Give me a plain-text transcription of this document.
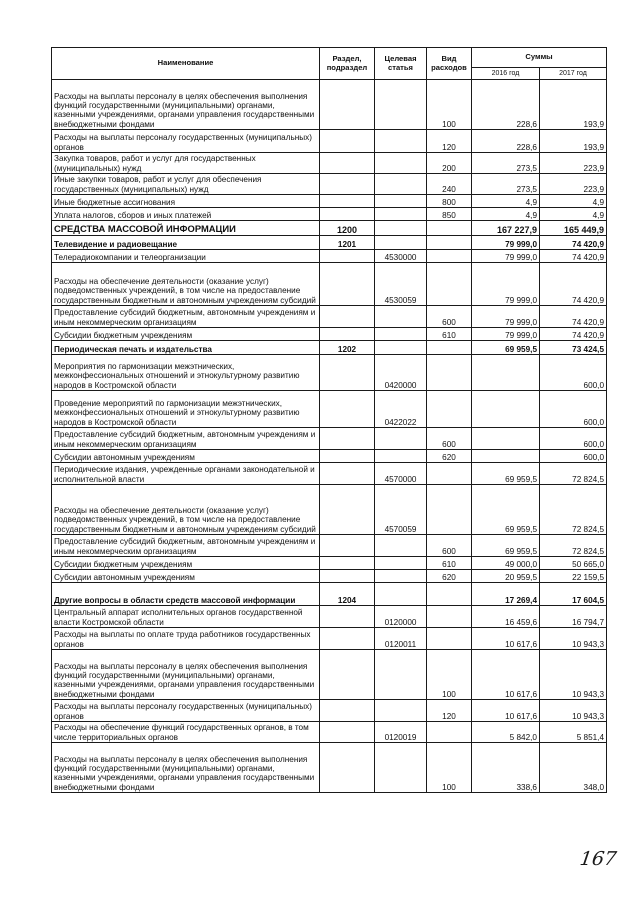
Наименование	Раздел, подраздел	Целевая статья	Вид расходов	Суммы	
				2016 год	2017 год
Расходы на выплаты персоналу в целях обеспечения выполнения функций государственными (муниципальными) органами, казенными учреждениями, органами управления государственными внебюджетными фондами			100	228,6	193,9
Расходы на выплаты персоналу государственных (муниципальных) органов			120	228,6	193,9
Закупка товаров, работ и услуг для государственных (муниципальных) нужд			200	273,5	223,9
Иные закупки товаров, работ и услуг для обеспечения государственных (муниципальных) нужд			240	273,5	223,9
Иные бюджетные ассигнования			800	4,9	4,9
Уплата налогов, сборов и иных платежей			850	4,9	4,9
СРЕДСТВА МАССОВОЙ ИНФОРМАЦИИ	1200			167 227,9	165 449,9
Телевидение и радиовещание	1201			79 999,0	74 420,9
Телерадиокомпании и телеорганизации		4530000		79 999,0	74 420,9
Расходы на обеспечение деятельности (оказание услуг) подведомственных учреждений, в том числе на предоставление государственным бюджетным и автономным учреждениям субсидий		4530059		79 999,0	74 420,9
Предоставление субсидий бюджетным, автономным учреждениям и иным некоммерческим организациям			600	79 999,0	74 420,9
Субсидии бюджетным учреждениям			610	79 999,0	74 420,9
Периодическая печать и издательства	1202			69 959,5	73 424,5
Мероприятия по гармонизации межэтнических, межконфессиональных отношений и этнокультурному развитию народов в Костромской области		0420000			600,0
Проведение мероприятий по гармонизации межэтнических, межконфессиональных отношений и этнокультурному развитию народов в Костромской области		0422022			600,0
Предоставление субсидий бюджетным, автономным учреждениям и иным некоммерческим организациям			600		600,0
Субсидии автономным учреждениям			620		600,0
Периодические издания, учрежденные органами законодательной и исполнительной власти		4570000		69 959,5	72 824,5
Расходы на обеспечение деятельности (оказание услуг) подведомственных учреждений, в том числе на предоставление государственным бюджетным и автономным учреждениям субсидий		4570059		69 959,5	72 824,5
Предоставление субсидий бюджетным, автономным учреждениям и иным некоммерческим организациям			600	69 959,5	72 824,5
Субсидии бюджетным учреждениям			610	49 000,0	50 665,0
Субсидии автономным учреждениям			620	20 959,5	22 159,5
Другие вопросы в области средств массовой информации	1204			17 269,4	17 604,5
Центральный аппарат исполнительных органов государственной власти Костромской области		0120000		16 459,6	16 794,7
Расходы на выплаты по оплате труда работников государственных органов		0120011		10 617,6	10 943,3
Расходы на выплаты персоналу в целях обеспечения выполнения функций государственными (муниципальными) органами, казенными учреждениями, органами управления государственными внебюджетными фондами			100	10 617,6	10 943,3
Расходы на выплаты персоналу государственных (муниципальных) органов			120	10 617,6	10 943,3
Расходы на обеспечение функций государственных органов, в том числе территориальных органов		0120019		5 842,0	5 851,4
Расходы на выплаты персоналу в целях обеспечения выполнения функций государственными (муниципальными) органами, казенными учреждениями, органами управления государственными внебюджетными фондами			100	338,6	348,0
167
